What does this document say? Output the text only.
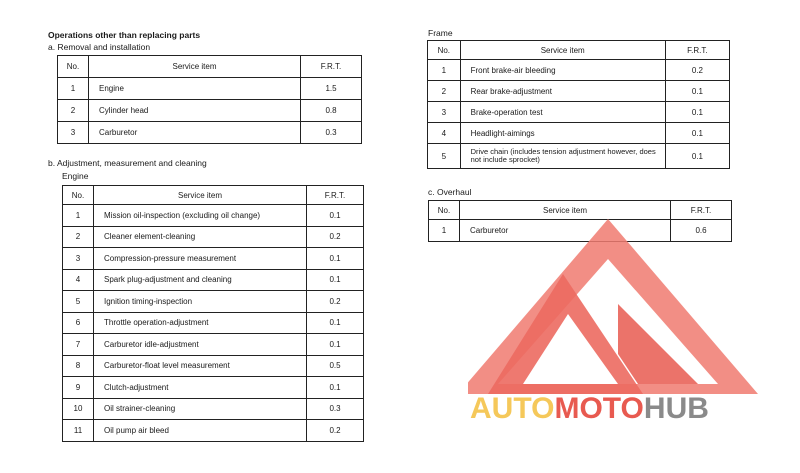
Operations other than replacing parts
a. Removal and installation
No.	Service item	F.R.T.
1	Engine	1.5
2	Cylinder head	0.8
3	Carburetor	0.3
b. Adjustment, measurement and cleaning
Engine
No.	Service item	F.R.T.
1	Mission oil-inspection (excluding oil change)	0.1
2	Cleaner element-cleaning	0.2
3	Compression-pressure measurement	0.1
4	Spark plug-adjustment and cleaning	0.1
5	Ignition timing-inspection	0.2
6	Throttle operation-adjustment	0.1
7	Carburetor idle-adjustment	0.1
8	Carburetor-float level measurement	0.5
9	Clutch-adjustment	0.1
10	Oil strainer-cleaning	0.3
11	Oil pump air bleed	0.2
Frame
No.	Service item	F.R.T.
1	Front brake-air bleeding	0.2
2	Rear brake-adjustment	0.1
3	Brake-operation test	0.1
4	Headlight-aimings	0.1
5	Drive chain (includes tension adjustment however, does not include sprocket)	0.1
c. Overhaul
No.	Service item	F.R.T.
1	Carburetor	0.6
AUTOMOTOHUB
